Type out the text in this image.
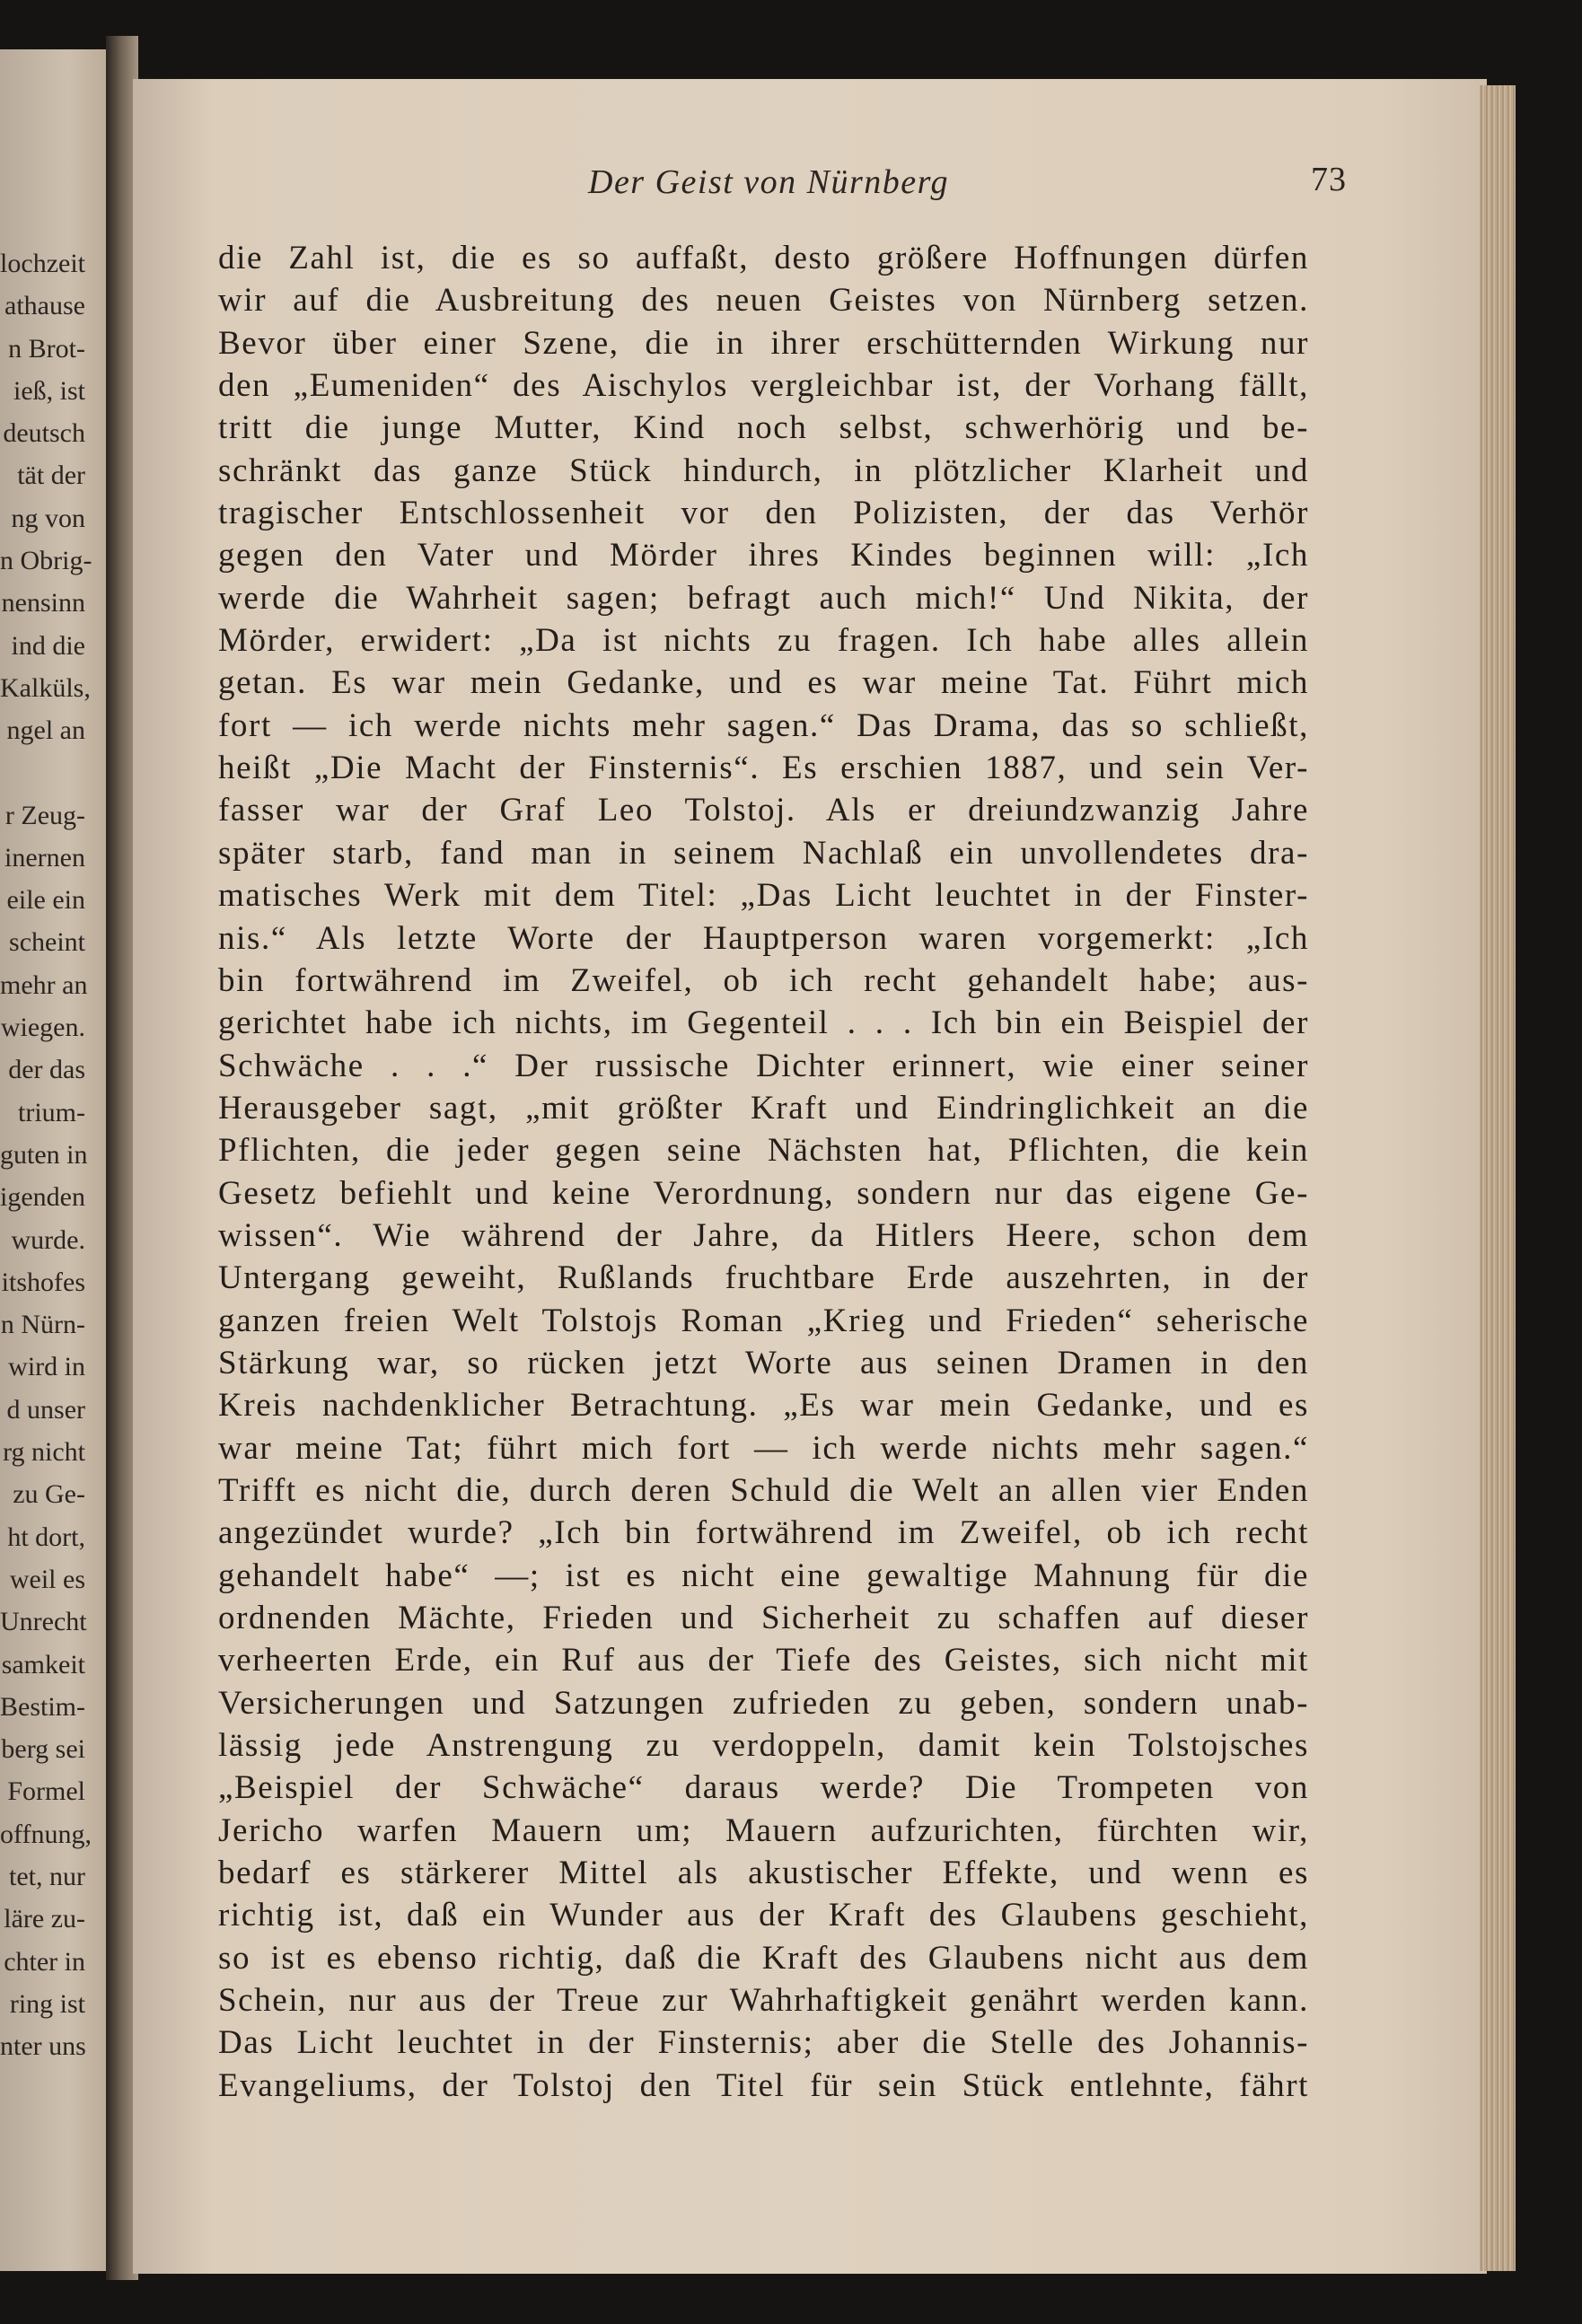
lochzeit
athause
n Brot-
ieß, ist
deutsch
tät der
ng von
n Obrig-
nensinn
ind die
Kalküls,
ngel an
r Zeug-
inernen
eile ein
scheint
mehr an
wiegen.
der das
trium-
guten in
igenden
wurde.
itshofes
n Nürn-
wird in
d unser
rg nicht
zu Ge-
ht dort,
weil es
Unrecht
samkeit
Bestim-
berg sei
Formel
offnung,
tet, nur
läre zu-
chter in
ring ist
nter uns
Der Geist von Nürnberg	73
die Zahl ist, die es so auffaßt, desto größere Hoffnungen dürfen
wir auf die Ausbreitung des neuen Geistes von Nürnberg setzen.
Bevor über einer Szene, die in ihrer erschütternden Wirkung nur
den „Eumeniden“ des Aischylos vergleichbar ist, der Vorhang fällt,
tritt die junge Mutter, Kind noch selbst, schwerhörig und be-
schränkt das ganze Stück hindurch, in plötzlicher Klarheit und
tragischer Entschlossenheit vor den Polizisten, der das Verhör
gegen den Vater und Mörder ihres Kindes beginnen will: „Ich
werde die Wahrheit sagen; befragt auch mich!“ Und Nikita, der
Mörder, erwidert: „Da ist nichts zu fragen. Ich habe alles allein
getan. Es war mein Gedanke, und es war meine Tat. Führt mich
fort — ich werde nichts mehr sagen.“ Das Drama, das so schließt,
heißt „Die Macht der Finsternis“. Es erschien 1887, und sein Ver-
fasser war der Graf Leo Tolstoj. Als er dreiundzwanzig Jahre
später starb, fand man in seinem Nachlaß ein unvollendetes dra-
matisches Werk mit dem Titel: „Das Licht leuchtet in der Finster-
nis.“ Als letzte Worte der Hauptperson waren vorgemerkt: „Ich
bin fortwährend im Zweifel, ob ich recht gehandelt habe; aus-
gerichtet habe ich nichts, im Gegenteil . . . Ich bin ein Beispiel der
Schwäche . . .“ Der russische Dichter erinnert, wie einer seiner
Herausgeber sagt, „mit größter Kraft und Eindringlichkeit an die
Pflichten, die jeder gegen seine Nächsten hat, Pflichten, die kein
Gesetz befiehlt und keine Verordnung, sondern nur das eigene Ge-
wissen“. Wie während der Jahre, da Hitlers Heere, schon dem
Untergang geweiht, Rußlands fruchtbare Erde auszehrten, in der
ganzen freien Welt Tolstojs Roman „Krieg und Frieden“ seherische
Stärkung war, so rücken jetzt Worte aus seinen Dramen in den
Kreis nachdenklicher Betrachtung. „Es war mein Gedanke, und es
war meine Tat; führt mich fort — ich werde nichts mehr sagen.“
Trifft es nicht die, durch deren Schuld die Welt an allen vier Enden
angezündet wurde? „Ich bin fortwährend im Zweifel, ob ich recht
gehandelt habe“ —; ist es nicht eine gewaltige Mahnung für die
ordnenden Mächte, Frieden und Sicherheit zu schaffen auf dieser
verheerten Erde, ein Ruf aus der Tiefe des Geistes, sich nicht mit
Versicherungen und Satzungen zufrieden zu geben, sondern unab-
lässig jede Anstrengung zu verdoppeln, damit kein Tolstojsches
„Beispiel der Schwäche“ daraus werde? Die Trompeten von
Jericho warfen Mauern um; Mauern aufzurichten, fürchten wir,
bedarf es stärkerer Mittel als akustischer Effekte, und wenn es
richtig ist, daß ein Wunder aus der Kraft des Glaubens geschieht,
so ist es ebenso richtig, daß die Kraft des Glaubens nicht aus dem
Schein, nur aus der Treue zur Wahrhaftigkeit genährt werden kann.
Das Licht leuchtet in der Finsternis; aber die Stelle des Johannis-
Evangeliums, der Tolstoj den Titel für sein Stück entlehnte, fährt
